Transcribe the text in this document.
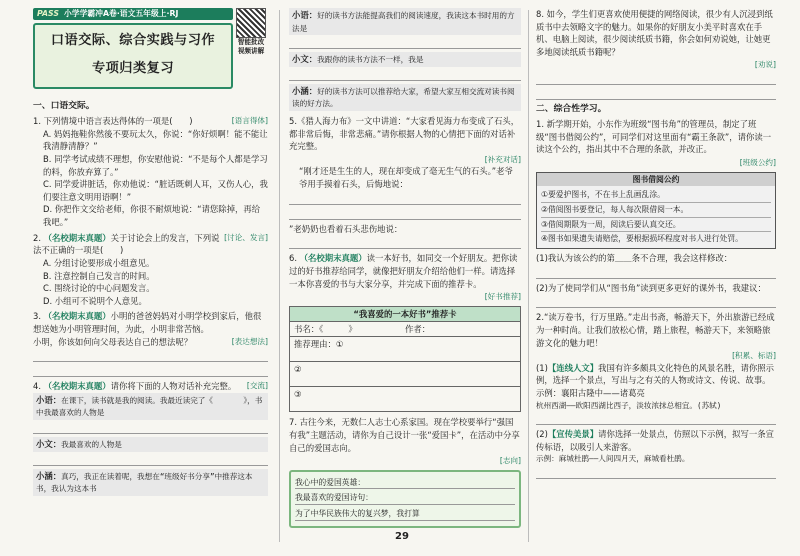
PASS 小学学霸冲A卷·语文五年级上·RJ
口语交际、综合实践与习作
专项归类复习
智能批改 视频讲解
一、口语交际。
[语言得体]
1. 下列情境中语言表达得体的一项是(　　)
A. 妈妈拖鞋你然後不要玩太久，你说：“你好烦啊！能不能让我清静清静？”
B. 同学考试成绩不理想，你安慰他说：“不是每个人都是学习的料，你放弃算了。”
C. 同学爱讲脏话，你劝他说：“脏话既刺人耳，又伤人心，我们要注意文明用语啊！”
D. 你把作文交给老师，你很不耐烦地说：“请您除掉，再给我吧。”
[讨论、发言]
2. （名校期末真题）关于讨论会上的发言，下列说法不正确的一项是(　　)
A. 分组讨论要形成小组意见。
B. 注意控制自己发言的时间。
C. 围绕讨论的中心问题发言。
D. 小组可不说明个人意见。
3. （名校期末真题）小明的爸爸妈妈对小明学校到家后，他很想送她为小明管理时间，为此，小明非常苦恼。
小明，你该如何向父母表达自己的想法呢？	[表达想法]
[交流]
4. （名校期末真题）请你将下面的人物对话补充完整。
小语：在课下，读书就是我的阅读。我最近读完了《　　　　》，书中我最喜欢的人物是
小文：我最喜欢的人物是
小涵：真巧，我正在读着呢，我想在“班级好书分享”中推荐这本书，我认为这本书
小语：好的读书方法能提高我们的阅读速度，我读这本书时用的方法是
小文：我跟你的读书方法不一样，我是
小涵：好的读书方法可以推荐给大家，希望大家互相交流对读书阅读的好方法。
5.《猎人海力布》一文中讲道：“大家看见海力布变成了石头，都非常后悔，非常悲痛。”请你根据人物的心情把下面的对话补充完整。
[补充对话]
“刚才还是生生的人，现在却变成了毫无生气的石头。”老爷爷用手摸着石头，后悔地说：
”老奶奶也看着石头悲伤地说：
6. （名校期末真题）读一本好书，如同交一个好朋友。把你读过的好书推荐给同学，就像把好朋友介绍给他们一样。请选择一本你喜爱的书与大家分享，并完成下面的推荐卡。
[好书推荐]
“我喜爱的一本好书”推荐卡
书名：《　　　》	作者：
推荐理由：①
②
③
7. 古往今来，无数仁人志士心系家国。现在学校要举行“强国有我”主题活动，请你为自己设计一张“爱国卡”，在活动中分享自己的爱国志向。
[志向]
我心中的爱国英雄：
我最喜欢的爱国诗句：
为了中华民族伟大的复兴梦，我打算
8. 如今，学生们更喜欢使用便捷的网络阅读，很少有人沉浸到纸质书中去领略文字的魅力。如果你的好朋友小美平时喜欢在手机、电脑上阅读，很少阅读纸质书籍，你会如何劝说她，让她更多地阅读纸质书籍呢？
[劝说]
二、综合性学习。
1. 新学期开始，小东作为班级“图书角”的管理员，制定了班级“图书借阅公约”，可同学们对这里面有“霸王条款”，请你读一读这个公约，指出其中不合理的条款，并改正。
[班级公约]
图书借阅公约
①要爱护图书，不在书上乱画乱涂。
②借阅图书要登记，每人每次限借阅一本。
③借阅期限为一周，阅读后要认真交还。
④图书如果遗失请赔偿，要根据损坏程度对书人进行处罚。
(1)我认为该公约的第＿＿条不合理，我会这样修改：
(2)为了使同学们从“图书角”读到更多更好的课外书，我建议：
2.“读万卷书，行万里路。”走出书斋，畅游天下，外出旅游已经成为一种时尚。让我们放松心情，踏上旅程，畅游天下，来领略旅游文化的魅力吧！
[积累、标语]
(1)【连线人文】我国有许多颇具文化特色的风景名胜，请你照示例，选择一个景点，写出与之有关的人物或诗文、传说、故事。
示例：襄阳古隆中——诸葛亮
杭州西湖——欧阳西湖比西子，淡妆浓抹总相宜。(苏轼)
(2)【宣传美景】请你选择一处景点，仿照以下示例，拟写一条宣传标语，以吸引人来游客。
示例：麻城杜鹃——人间四月天，麻城看杜鹃。
29
